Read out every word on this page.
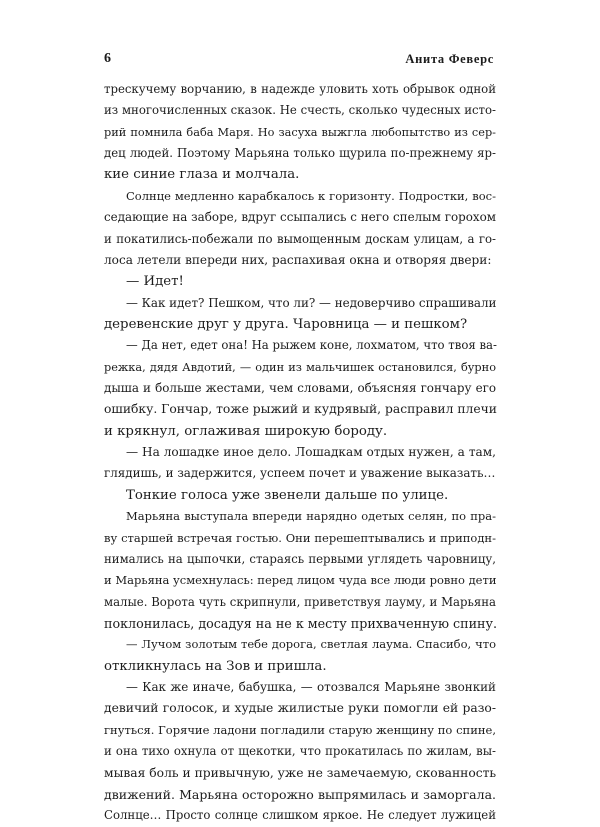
6	Анита Феверс
трескучему ворчанию, в надежде уловить хоть обрывок одной
из многочисленных сказок. Не счесть, сколько чудесных исто-
рий помнила баба Маря. Но засуха выжгла любопытство из сер-
дец людей. Поэтому Марьяна только щурила по-прежнему яр-
кие синие глаза и молчала.
Солнце медленно карабкалось к горизонту. Подростки, вос-
седающие на заборе, вдруг ссыпались с него спелым горохом
и покатились-побежали по вымощенным доскам улицам, а го-
лоса летели впереди них, распахивая окна и отворяя двери:
— Идет!
— Как идет? Пешком, что ли? — недоверчиво спрашивали
деревенские друг у друга. Чаровница — и пешком?
— Да нет, едет она! На рыжем коне, лохматом, что твоя ва-
режка, дядя Авдотий, — один из мальчишек остановился, бурно
дыша и больше жестами, чем словами, объясняя гончару его
ошибку. Гончар, тоже рыжий и кудрявый, расправил плечи
и крякнул, оглаживая широкую бороду.
— На лошадке иное дело. Лошадкам отдых нужен, а там,
глядишь, и задержится, успеем почет и уважение выказать…
Тонкие голоса уже звенели дальше по улице.
Марьяна выступала впереди нарядно одетых селян, по пра-
ву старшей встречая гостью. Они перешептывались и приподн-
нимались на цыпочки, стараясь первыми углядеть чаровницу,
и Марьяна усмехнулась: перед лицом чуда все люди ровно дети
малые. Ворота чуть скрипнули, приветствуя лауму, и Марьяна
поклонилась, досадуя на не к месту прихваченную спину.
— Лучом золотым тебе дорога, светлая лаума. Спасибо, что
откликнулась на Зов и пришла.
— Как же иначе, бабушка, — отозвался Марьяне звонкий
девичий голосок, и худые жилистые руки помогли ей разо-
гнуться. Горячие ладони погладили старую женщину по спине,
и она тихо охнула от щекотки, что прокатилась по жилам, вы-
мывая боль и привычную, уже не замечаемую, скованность
движений. Марьяна осторожно выпрямилась и заморгала.
Солнце… Просто солнце слишком яркое. Не следует лужицей
